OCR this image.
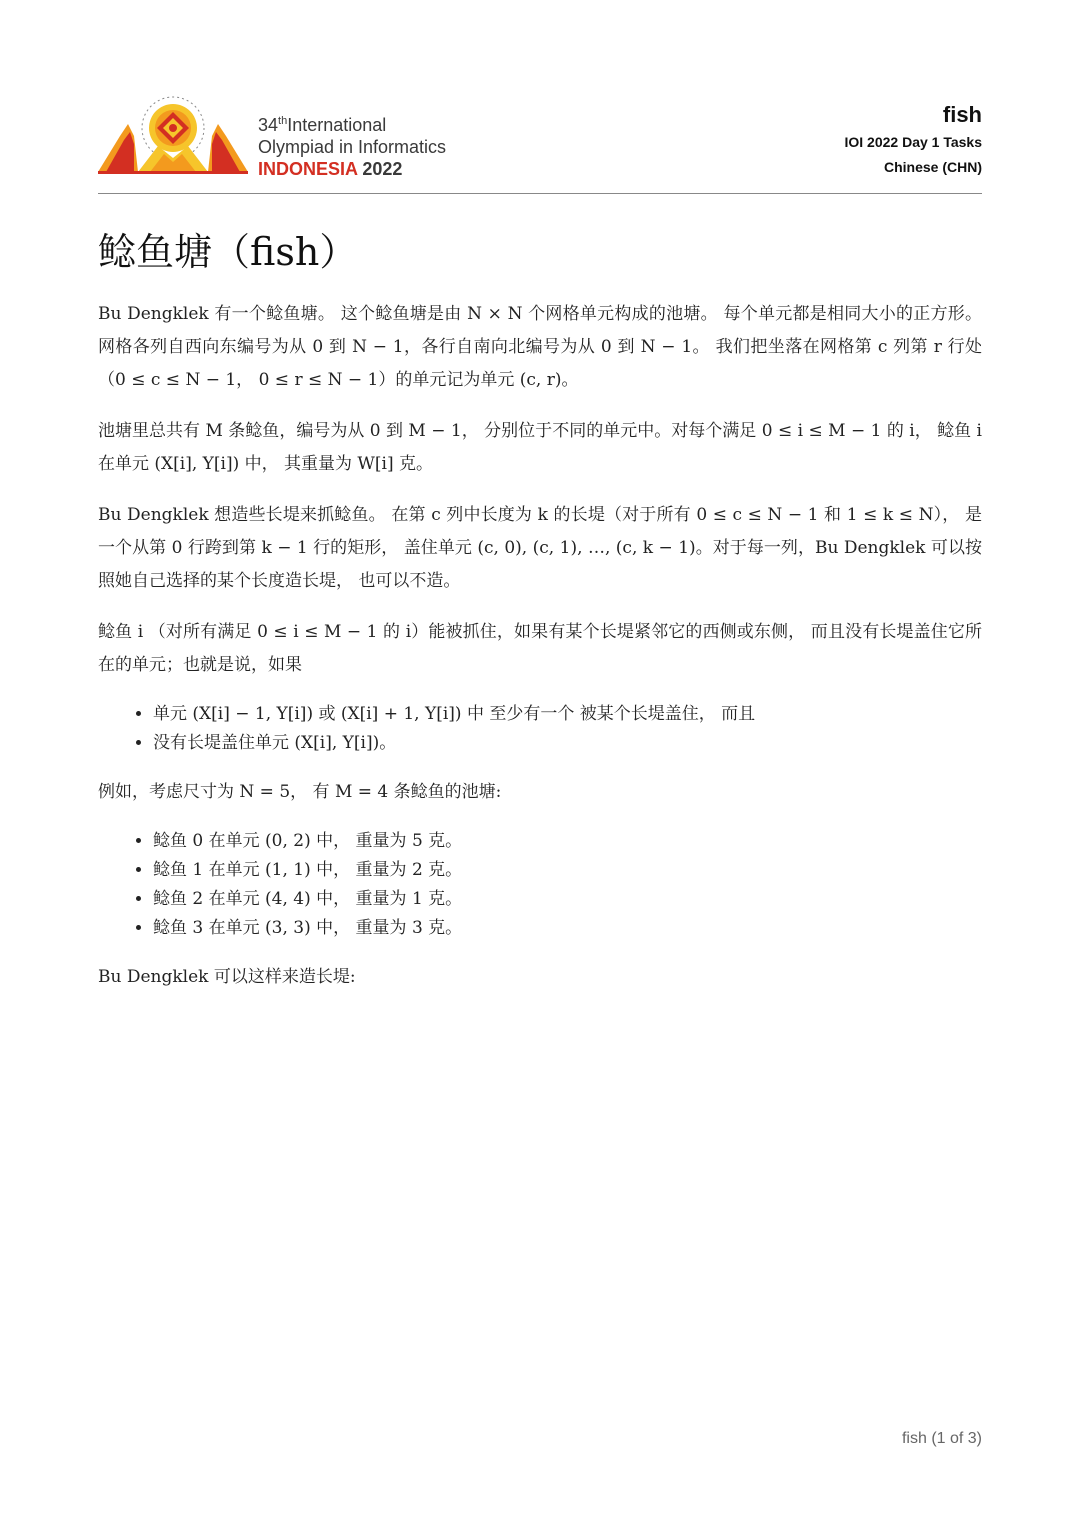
34thInternational
Olympiad in Informatics
INDONESIA 2022
fish
IOI 2022 Day 1 Tasks
Chinese (CHN)
鲶鱼塘（fish）

Bu Dengklek 有一个鲶鱼塘。 这个鲶鱼塘是由 N × N 个网格单元构成的池塘。 每个单元都是相同大小的正方形。 网格各列自西向东编号为从 0 到 N − 1，各行自南向北编号为从 0 到 N − 1。 我们把坐落在网格第 c 列第 r 行处（0 ≤ c ≤ N − 1， 0 ≤ r ≤ N − 1）的单元记为单元 (c, r)。

池塘里总共有 M 条鲶鱼，编号为从 0 到 M − 1， 分别位于不同的单元中。对每个满足 0 ≤ i ≤ M − 1 的 i， 鲶鱼 i 在单元 (X[i], Y[i]) 中， 其重量为 W[i] 克。

Bu Dengklek 想造些长堤来抓鲶鱼。 在第 c 列中长度为 k 的长堤（对于所有 0 ≤ c ≤ N − 1 和 1 ≤ k ≤ N）， 是一个从第 0 行跨到第 k − 1 行的矩形， 盖住单元 (c, 0), (c, 1), …, (c, k − 1)。对于每一列，Bu Dengklek 可以按照她自己选择的某个长度造长堤， 也可以不造。

鲶鱼 i （对所有满足 0 ≤ i ≤ M − 1 的 i）能被抓住，如果有某个长堤紧邻它的西侧或东侧， 而且没有长堤盖住它所在的单元；也就是说，如果

• 单元 (X[i] − 1, Y[i]) 或 (X[i] + 1, Y[i]) 中 至少有一个 被某个长堤盖住， 而且
• 没有长堤盖住单元 (X[i], Y[i])。

例如，考虑尺寸为 N = 5， 有 M = 4 条鲶鱼的池塘:

• 鲶鱼 0 在单元 (0, 2) 中， 重量为 5 克。
• 鲶鱼 1 在单元 (1, 1) 中， 重量为 2 克。
• 鲶鱼 2 在单元 (4, 4) 中， 重量为 1 克。
• 鲶鱼 3 在单元 (3, 3) 中， 重量为 3 克。

Bu Dengklek 可以这样来造长堤:

fish (1 of 3)
